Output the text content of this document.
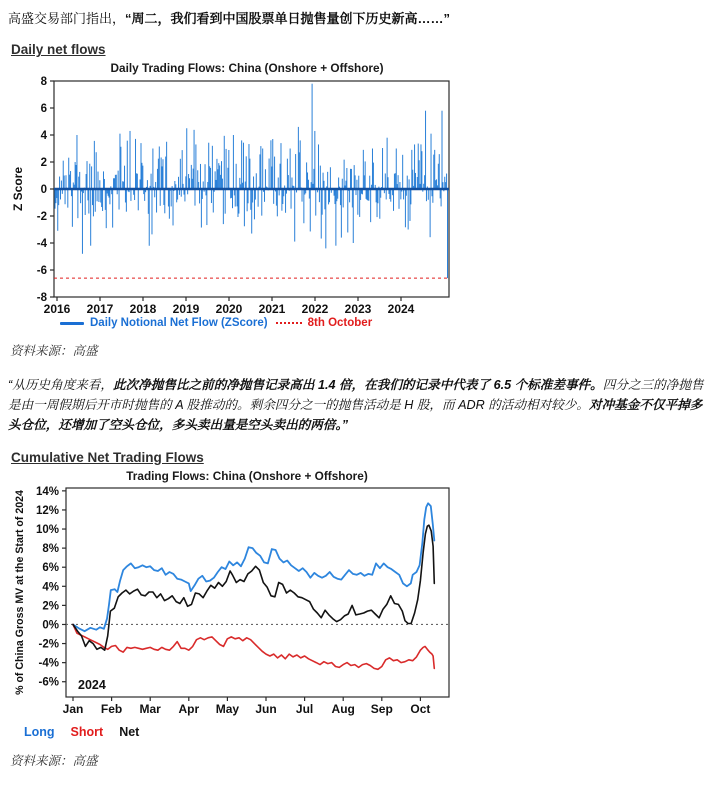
高盛交易部门指出，“周二，我们看到中国股票单日抛售量创下历史新高……”

Daily net flows
Daily Trading Flows: China (Onshore + Offshore)
8
6
4
2
0
-2
-4
-6
-8
2016 2017 2018 2019 2020 2021 2022 2023 2024
Z Score
Daily Notional Net Flow (ZScore)	8th October

资料来源：高盛

“从历史角度来看，此次净抛售比之前的净抛售记录高出 1.4 倍，在我们的记录中代表了 6.5 个标准差事件。四分之三的净抛售是由一周假期后开市时抛售的 A 股推动的。剩余四分之一的抛售活动是 H 股，而 ADR 的活动相对较少。对冲基金不仅平掉多头仓位，还增加了空头仓位，多头卖出量是空头卖出的两倍。”

Cumulative Net Trading Flows
Trading Flows: China (Onshore + Offshore)
14%
12%
10%
8%
6%
4%
2%
0%
-2%
-4%
-6%
Jan Feb Mar Apr May Jun Jul Aug Sep Oct
% of China Gross MV at the Start of 2024	2024
Long Short Net

资料来源：高盛
